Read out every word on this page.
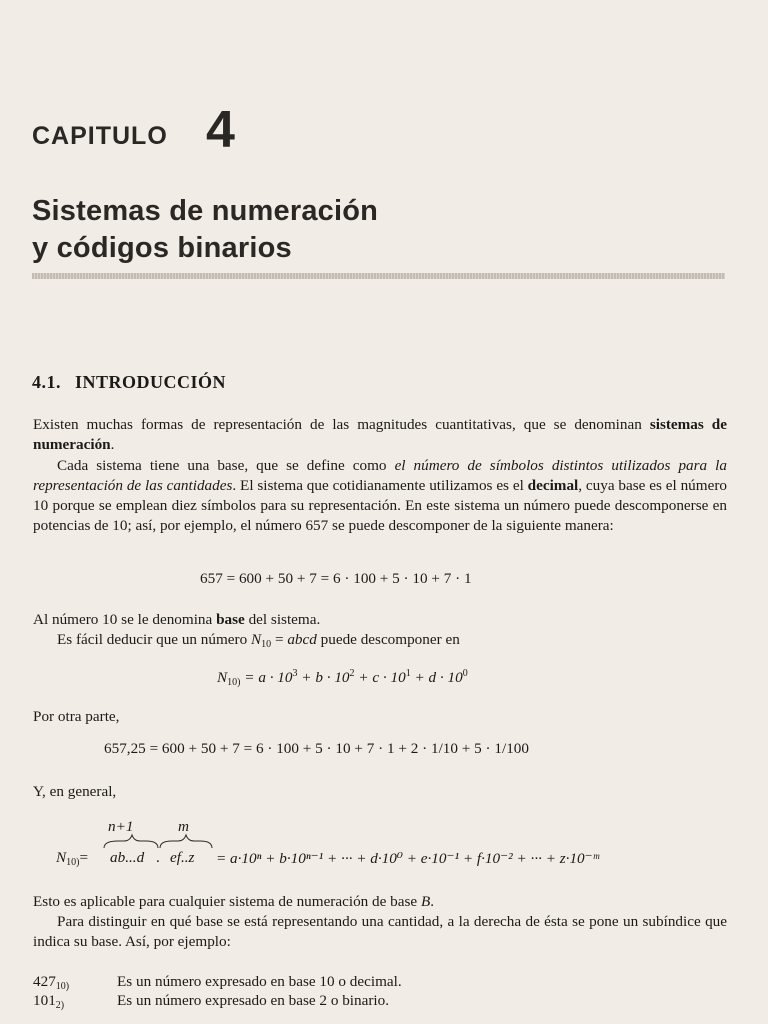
CAPITULO 4
Sistemas de numeración
y códigos binarios
4.1. INTRODUCCIÓN
Existen muchas formas de representación de las magnitudes cuantitativas, que se denominan sistemas de numeración.
Cada sistema tiene una base, que se define como el número de símbolos distintos utilizados para la representación de las cantidades. El sistema que cotidianamente utilizamos es el decimal, cuya base es el número 10 porque se emplean diez símbolos para su representación. En este sistema un número puede descomponerse en potencias de 10; así, por ejemplo, el número 657 se puede descomponer de la siguiente manera:
657 = 600 + 50 + 7 = 6 · 100 + 5 · 10 + 7 · 1
Al número 10 se le denomina base del sistema.
Es fácil deducir que un número $N_{10}$ = abcd puede descomponer en
$N_{10)} = a \cdot 10^3 + b \cdot 10^2 + c \cdot 10^1 + d \cdot 10^0$
Por otra parte,
657,25 = 600 + 50 + 7 = 6 · 100 + 5 · 10 + 7 · 1 + 2 · 1/10 + 5 · 1/100
Y, en general,
n+1	m
$N_{10)}= ab...d$ . ef..z = a·10ⁿ + b·10ⁿ⁻¹ + ··· + d·10⁰ + e·10⁻¹ + f·10⁻² + ··· + z·10⁻ᵐ
Esto es aplicable para cualquier sistema de numeración de base B.
Para distinguir en qué base se está representando una cantidad, a la derecha de ésta se pone un subíndice que indica su base. Así, por ejemplo:
$427_{10)}$	Es un número expresado en base 10 o decimal.
$101_{2)}$	Es un número expresado en base 2 o binario.
